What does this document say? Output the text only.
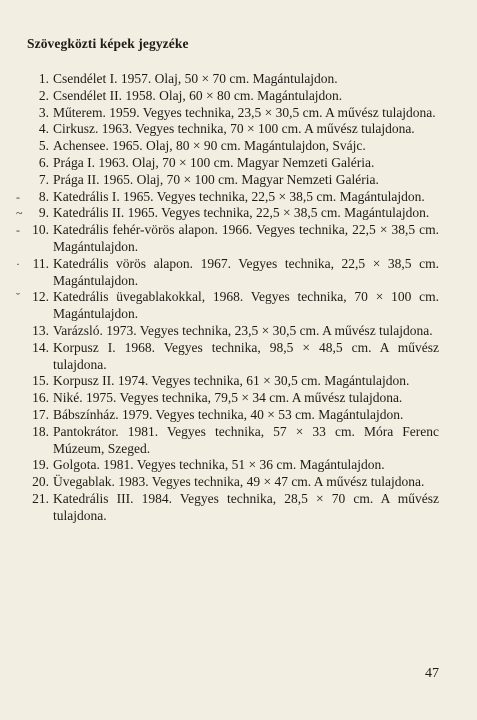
Szövegközti képek jegyzéke
1. Csendélet I. 1957. Olaj, 50 × 70 cm. Magántulajdon.
2. Csendélet II. 1958. Olaj, 60 × 80 cm. Magántulajdon.
3. Műterem. 1959. Vegyes technika, 23,5 × 30,5 cm. A művész tulajdona.
4. Cirkusz. 1963. Vegyes technika, 70 × 100 cm. A művész tulajdona.
5. Achensee. 1965. Olaj, 80 × 90 cm. Magántulajdon, Svájc.
6. Prága I. 1963. Olaj, 70 × 100 cm. Magyar Nemzeti Galéria.
7. Prága II. 1965. Olaj, 70 × 100 cm. Magyar Nemzeti Galéria.
-	8. Katedrális I. 1965. Vegyes technika, 22,5 × 38,5 cm. Magántulajdon.
~	9. Katedrális II. 1965. Vegyes technika, 22,5 × 38,5 cm. Magántulajdon.
- 10. Katedrális fehér-vörös alapon. 1966. Vegyes technika, 22,5 × 38,5 cm. Magántulajdon.
· 11. Katedrális vörös alapon. 1967. Vegyes technika, 22,5 × 38,5 cm. Magántulajdon.
˘ 12. Katedrális üvegablakokkal, 1968. Vegyes technika, 70 × 100 cm. Magántulajdon.
13. Varázsló. 1973. Vegyes technika, 23,5 × 30,5 cm. A művész tulajdona.
14. Korpusz I. 1968. Vegyes technika, 98,5 × 48,5 cm. A művész tulajdona.
15. Korpusz II. 1974. Vegyes technika, 61 × 30,5 cm. Magántulajdon.
16. Niké. 1975. Vegyes technika, 79,5 × 34 cm. A művész tulajdona.
17. Bábszínház. 1979. Vegyes technika, 40 × 53 cm. Magántulajdon.
18. Pantokrátor. 1981. Vegyes technika, 57 × 33 cm. Móra Ferenc Múzeum, Szeged.
19. Golgota. 1981. Vegyes technika, 51 × 36 cm. Magántulajdon.
20. Üvegablak. 1983. Vegyes technika, 49 × 47 cm. A művész tulajdona.
21. Katedrális III. 1984. Vegyes technika, 28,5 × 70 cm. A művész tulajdona.
47
